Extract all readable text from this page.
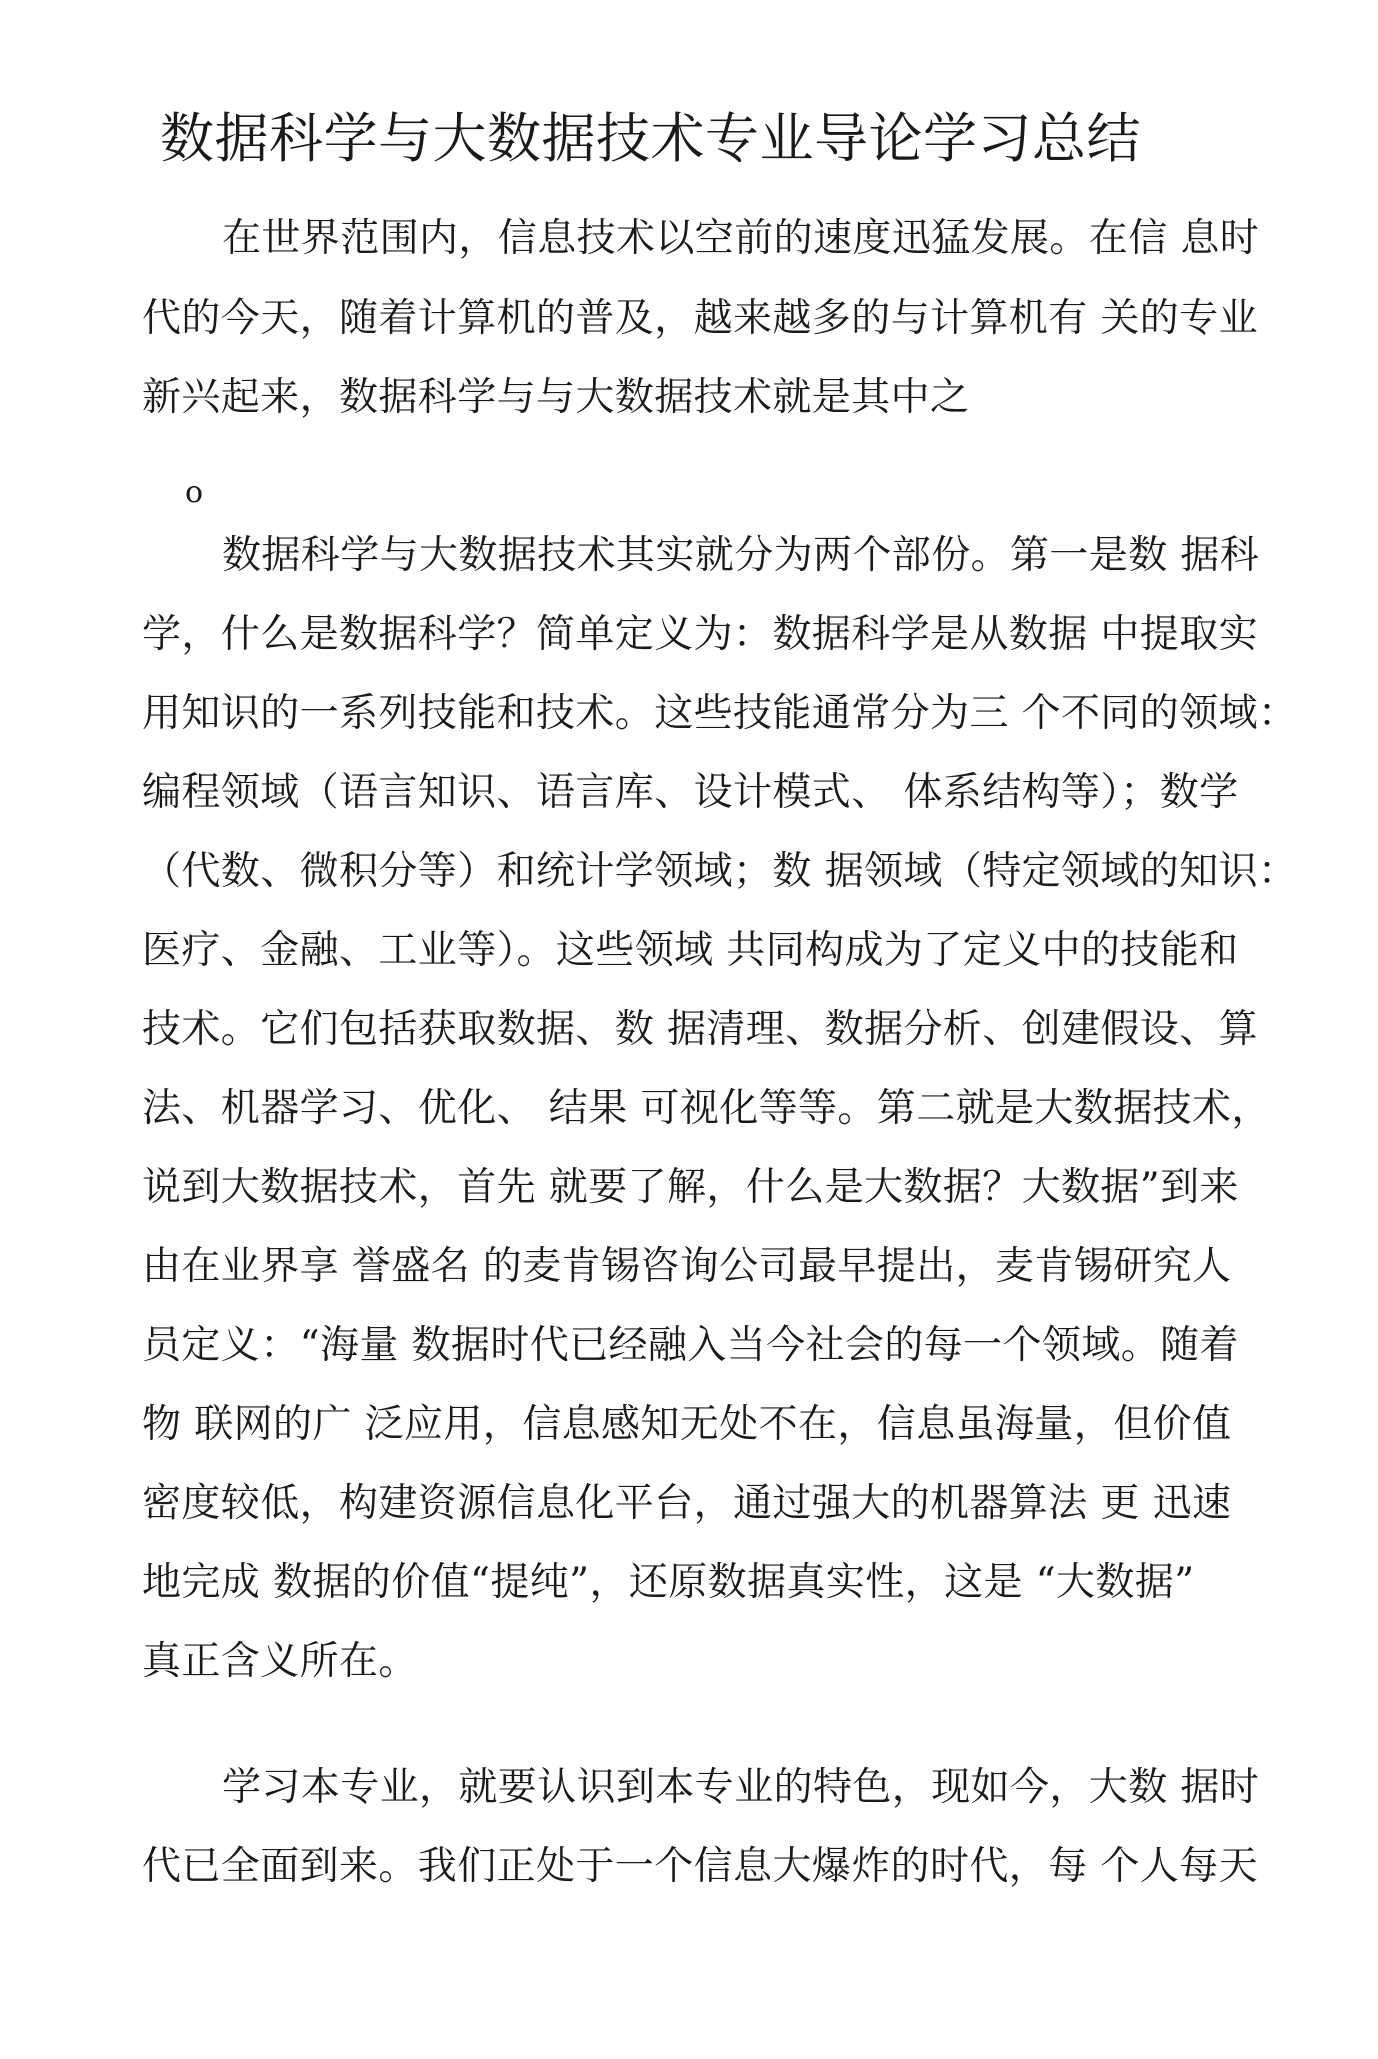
数据科学与大数据技术专业导论学习总结
在世界范围内，信息技术以空前的速度迅猛发展。在信 息时
代的今天，随着计算机的普及，越来越多的与计算机有 关的专业
新兴起来，数据科学与与大数据技术就是其中之
o
数据科学与大数据技术其实就分为两个部份。第一是数 据科
学，什么是数据科学？简单定义为：数据科学是从数据 中提取实
用知识的一系列技能和技术。这些技能通常分为三 个不同的领域：
编程领域（语言知识、语言库、设计模式、 体系结构等）；数学
（代数、微积分等）和统计学领域；数 据领域（特定领域的知识：
医疗、金融、工业等）。这些领域 共同构成为了定义中的技能和
技术。它们包括获取数据、数 据清理、数据分析、创建假设、算
法、机器学习、优化、 结果 可视化等等。第二就是大数据技术，
说到大数据技术，首先 就要了解，什么是大数据？大数据”到来
由在业界享 誉盛名 的麦肯锡咨询公司最早提出，麦肯锡研究人
员定义：“海量 数据时代已经融入当今社会的每一个领域。随着
物 联网的广 泛应用，信息感知无处不在，信息虽海量，但价值
密度较低，构建资源信息化平台，通过强大的机器算法 更 迅速
地完成 数据的价值“提纯”，还原数据真实性，这是 “大数据”
真正含义所在。
学习本专业，就要认识到本专业的特色，现如今，大数 据时
代已全面到来。我们正处于一个信息大爆炸的时代，每 个人每天
